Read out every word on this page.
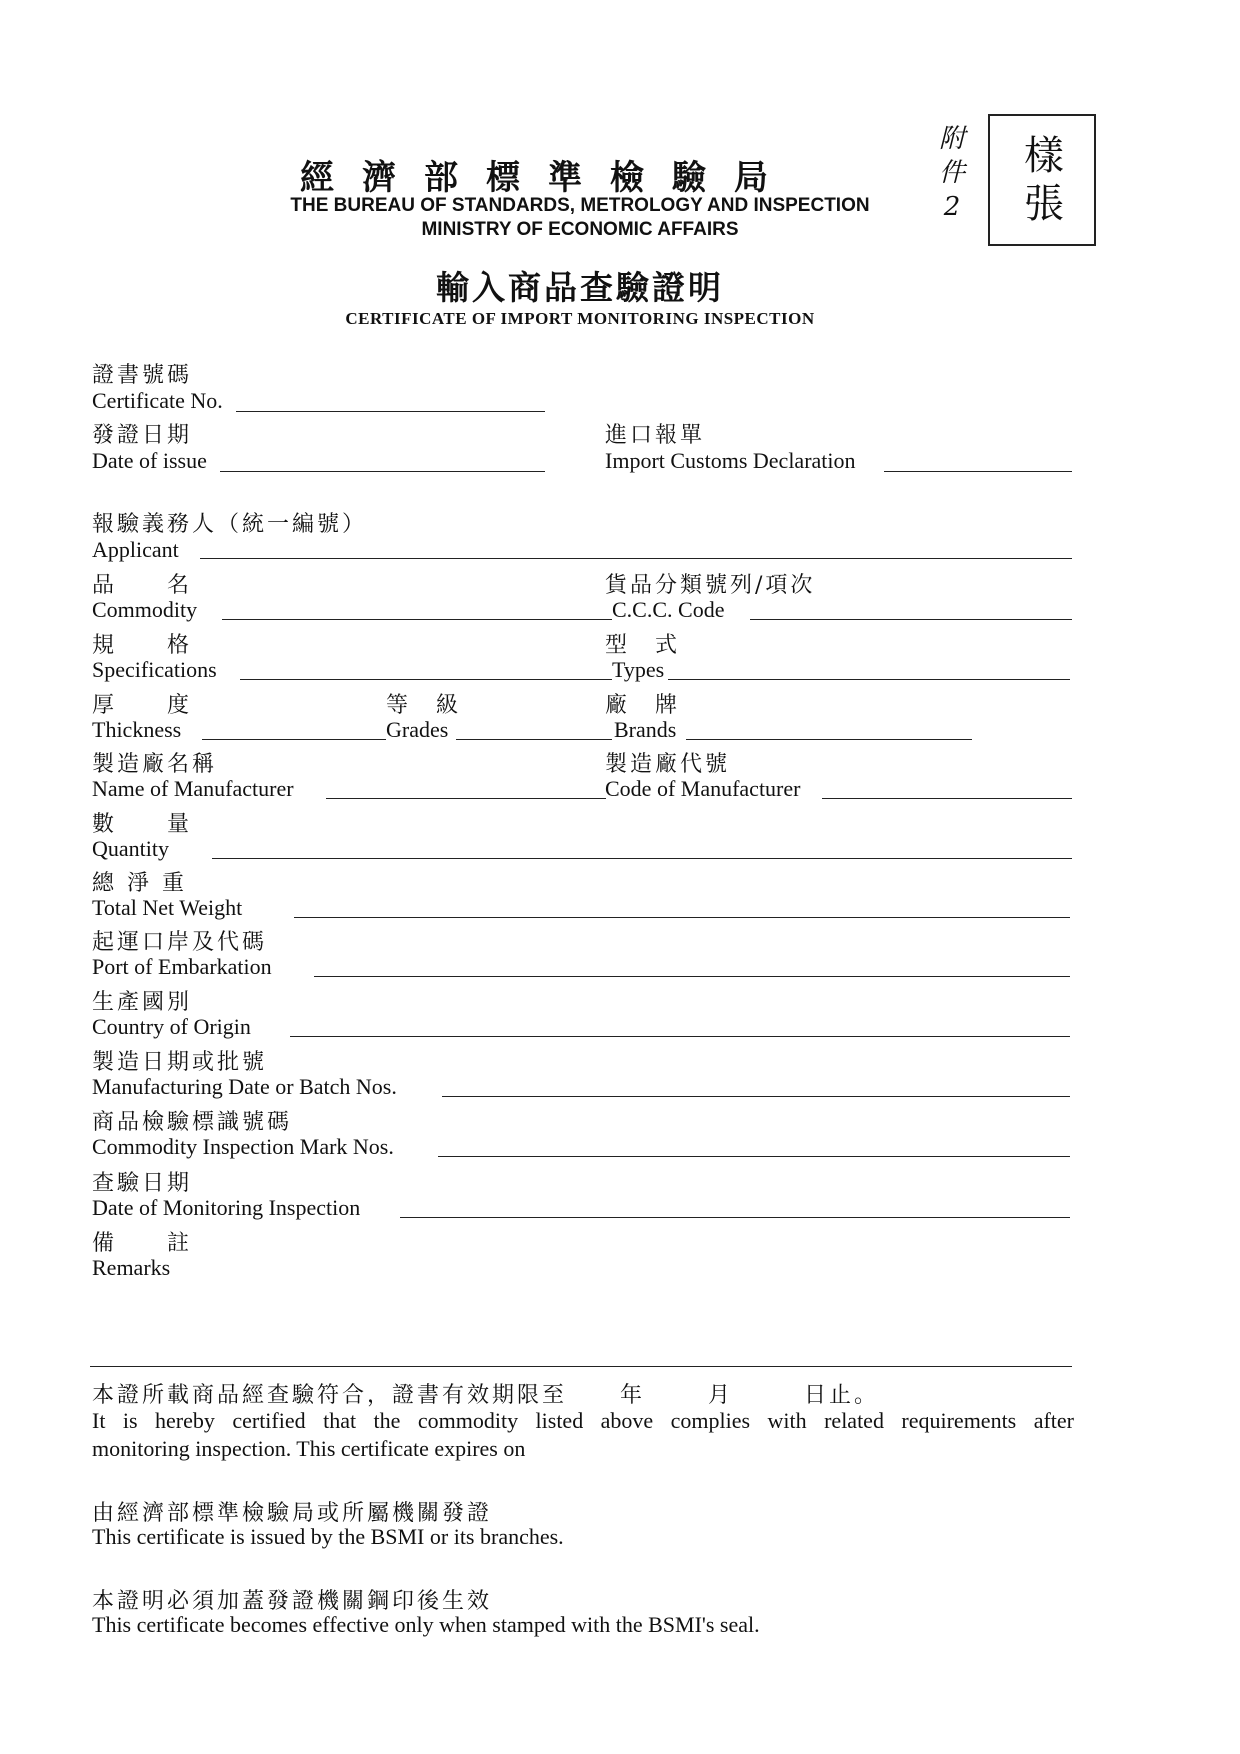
經濟部標準檢驗局
THE BUREAU OF STANDARDS, METROLOGY AND INSPECTION
MINISTRY OF ECONOMIC AFFAIRS
輸入商品查驗證明
CERTIFICATE OF IMPORT MONITORING INSPECTION
附件2
樣張
證書號碼
Certificate No.
發證日期
Date of issue
進口報單
Import Customs Declaration
報驗義務人（統一編號）
Applicant
品　　名
Commodity
貨品分類號列/項次
C.C.C. Code
規　　格
Specifications
型　式
Types
厚　　度
Thickness
等　級
Grades
廠　牌
Brands
製造廠名稱
Name of Manufacturer
製造廠代號
Code of Manufacturer
數　　量
Quantity
總 淨 重
Total Net Weight
起運口岸及代碼
Port of Embarkation
生產國別
Country of Origin
製造日期或批號
Manufacturing Date or Batch Nos.
商品檢驗標識號碼
Commodity Inspection Mark Nos.
查驗日期
Date of Monitoring Inspection
備　　註
Remarks
本證所載商品經查驗符合，證書有效期限至 年	月	日止。
It is hereby certified that the commodity listed above complies with related requirements after
monitoring inspection. This certificate expires on
由經濟部標準檢驗局或所屬機關發證
This certificate is issued by the BSMI or its branches.
本證明必須加蓋發證機關鋼印後生效
This certificate becomes effective only when stamped with the BSMI's seal.
